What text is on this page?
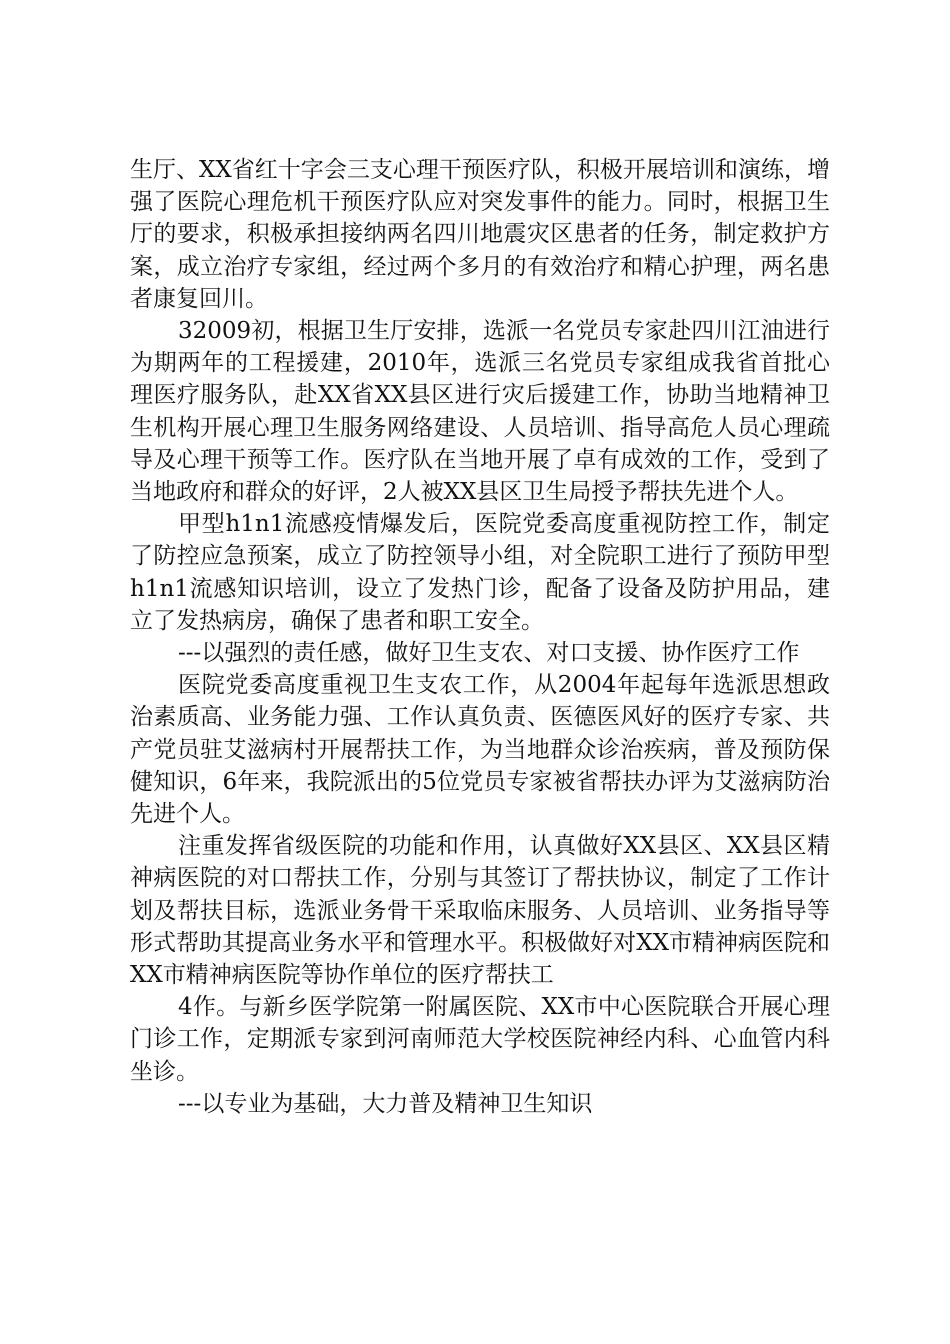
生厅、XX省红十字会三支心理干预医疗队，积极开展培训和演练，增强了医院心理危机干预医疗队应对突发事件的能力。同时，根据卫生厅的要求，积极承担接纳两名四川地震灾区患者的任务，制定救护方案，成立治疗专家组，经过两个多月的有效治疗和精心护理，两名患者康复回川。

32009初，根据卫生厅安排，选派一名党员专家赴四川江油进行为期两年的工程援建，2010年，选派三名党员专家组成我省首批心理医疗服务队，赴XX省XX县区进行灾后援建工作，协助当地精神卫生机构开展心理卫生服务网络建设、人员培训、指导高危人员心理疏导及心理干预等工作。医疗队在当地开展了卓有成效的工作，受到了当地政府和群众的好评，2人被XX县区卫生局授予帮扶先进个人。

甲型h1n1流感疫情爆发后，医院党委高度重视防控工作，制定了防控应急预案，成立了防控领导小组，对全院职工进行了预防甲型h1n1流感知识培训，设立了发热门诊，配备了设备及防护用品，建立了发热病房，确保了患者和职工安全。

---以强烈的责任感，做好卫生支农、对口支援、协作医疗工作

医院党委高度重视卫生支农工作，从2004年起每年选派思想政治素质高、业务能力强、工作认真负责、医德医风好的医疗专家、共产党员驻艾滋病村开展帮扶工作，为当地群众诊治疾病，普及预防保健知识，6年来，我院派出的5位党员专家被省帮扶办评为艾滋病防治先进个人。

注重发挥省级医院的功能和作用，认真做好XX县区、XX县区精神病医院的对口帮扶工作，分别与其签订了帮扶协议，制定了工作计划及帮扶目标，选派业务骨干采取临床服务、人员培训、业务指导等形式帮助其提高业务水平和管理水平。积极做好对XX市精神病医院和XX市精神病医院等协作单位的医疗帮扶工

4作。与新乡医学院第一附属医院、XX市中心医院联合开展心理门诊工作，定期派专家到河南师范大学校医院神经内科、心血管内科坐诊。

---以专业为基础，大力普及精神卫生知识
